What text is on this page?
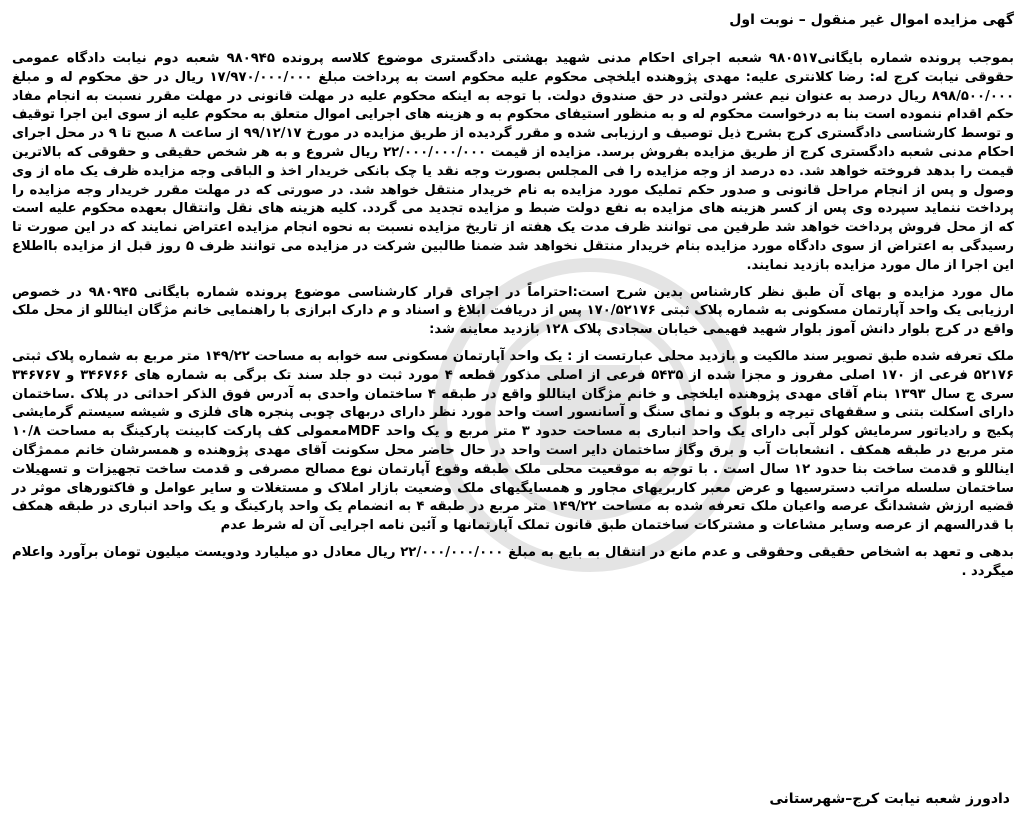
گهی مزایده اموال غیر منقول – نوبت اول

بموجب پرونده شماره بایگانی۹۸۰۵۱۷ شعبه اجرای احکام مدنی شهید بهشتی دادگستری موضوع کلاسه پرونده ۹۸۰۹۴۵ شعبه دوم نیابت دادگاه عمومی حقوقی نیابت کرج له: رضا کلانتری علیه: مهدی پژوهنده ایلخچی محکوم علیه محکوم است به پرداخت مبلغ ۱۷/۹۷۰/۰۰۰/۰۰۰ ریال در حق محکوم له و مبلغ ۸۹۸/۵۰۰/۰۰۰ ریال درصد به عنوان نیم عشر دولتی در حق صندوق دولت. با توجه به اینکه محکوم علیه در مهلت قانونی در مهلت مقرر نسبت به انجام مفاد حکم اقدام ننموده است بنا به درخواست محکوم له و به منظور استیفای محکوم به و هزینه های اجرایی اموال متعلق به محکوم علیه از سوی این اجرا توقیف و توسط کارشناسی دادگستری کرج بشرح ذیل توصیف و ارزیابی شده و مقرر گردیده از طریق مزایده در مورخ ۹۹/۱۲/۱۷ از ساعت ۸ صبح تا ۹ در محل اجرای احکام مدنی شعبه دادگستری کرج از طریق مزایده بفروش برسد. مزایده از قیمت ۲۲/۰۰۰/۰۰۰/۰۰۰ ریال شروع و به هر شخص حقیقی و حقوقی که بالاترین قیمت را بدهد فروخته خواهد شد. ده درصد از وجه مزایده را فی المجلس بصورت وجه نقد یا چک بانکی خریدار اخذ و الباقی وجه مزایده ظرف یک ماه از وی وصول و پس از انجام مراحل قانونی و صدور حکم تملیک مورد مزایده به نام خریدار منتقل خواهد شد. در صورتی که در مهلت مقرر خریدار وجه مزایده را پرداخت ننماید سپرده وی پس از کسر هزینه های مزایده به نفع دولت ضبط و مزایده تجدید می گردد. کلیه هزینه های نقل وانتقال بعهده محکوم علیه است که از محل فروش پرداخت خواهد شد طرفین می توانند ظرف مدت یک هفته از تاریخ مزایده نسبت به نحوه انجام مزایده اعتراض نمایند که در این صورت تا رسیدگی به اعتراض از سوی دادگاه مورد مزایده بنام خریدار منتقل نخواهد شد ضمنا طالبین شرکت در مزایده می توانند ظرف ۵ روز قبل از مزایده بااطلاع این اجرا از مال مورد مزایده بازدید نمایند.

مال مورد مزایده و بهای آن طبق نظر کارشناس بدین شرح است:احتراماً در اجرای قرار کارشناسی موضوع پرونده شماره بایگانی ۹۸۰۹۴۵ در خصوص ارزیابی یک واحد آپارتمان مسکونی به شماره پلاک ثبتی ۱۷۰/۵۲۱۷۶ پس از دریافت ابلاغ و اسناد و م دارک ابرازی با راهنمایی خانم مژگان ایناللو از محل ملک واقع در کرج بلوار دانش آموز بلوار شهید فهیمی خیابان سجادی پلاک ۱۲۸ بازدید معاینه شد:

ملک تعرفه شده طبق تصویر سند مالکیت و بازدید محلی عبارتست از : یک واحد آپارتمان مسکونی سه خوابه به مساحت ۱۴۹/۲۲ متر مربع به شماره پلاک ثبتی ۵۲۱۷۶ فرعی از ۱۷۰ اصلی مفروز و مجزا شده از ۵۴۳۵ فرعی از اصلی مذکور قطعه ۴ مورد ثبت دو جلد سند تک برگی به شماره های ۳۴۶۷۶۶ و ۳۴۶۷۶۷ سری ج سال ۱۳۹۳ بنام آقای مهدی پژوهنده ایلخچی و خانم مژگان ایناللو واقع در طبقه ۴ ساختمان واحدی به آدرس فوق الذکر احداثی در پلاک .ساختمان دارای اسکلت بتنی و سقفهای تیرچه و بلوک و نمای سنگ و آسانسور است واحد مورد نظر دارای دربهای چوبی پنجره های فلزی و شیشه سیستم گرمایشی پکیج و رادیاتور سرمایش کولر آبی دارای یک واحد انباری به مساحت حدود ۳ متر مربع و یک واحد MDFمعمولی کف پارکت کابینت پارکینگ به مساحت ۱۰/۸ متر مربع در طبقه همکف . انشعابات آب و برق وگاز ساختمان دایر است واحد در حال حاضر محل سکونت آقای مهدی پژوهنده و همسرشان خانم مممژگان ایناللو و قدمت ساخت بنا حدود ۱۲ سال است . با توجه به موقعیت محلی ملک طبقه وقوع آپارتمان نوع مصالح مصرفی و قدمت ساخت تجهیزات و تسهیلات ساختمان سلسله مراتب دسترسیها و عرض معبر کاربریهای مجاور و همسایگیهای ملک وضعیت بازار املاک و مستغلات و سایر عوامل و فاکتورهای موثر در قضیه ارزش ششدانگ عرصه واعیان ملک تعرفه شده به مساحت ۱۴۹/۲۲ متر مربع در طبقه ۴ به انضمام یک واحد پارکینگ و یک واحد انباری در طبقه همکف با قدرالسهم از عرصه وسایر مشاعات و مشترکات ساختمان طبق قانون تملک آپارتمانها و آئین نامه اجرایی آن له شرط عدم

بدهی و تعهد به اشخاص حقیقی وحقوقی و عدم مانع در انتقال به بایع به مبلغ ۲۲/۰۰۰/۰۰۰/۰۰۰ ریال معادل دو میلیارد ودویست میلیون تومان برآورد واعلام میگردد .

دادورز شعبه نیابت کرج–شهرستانی
